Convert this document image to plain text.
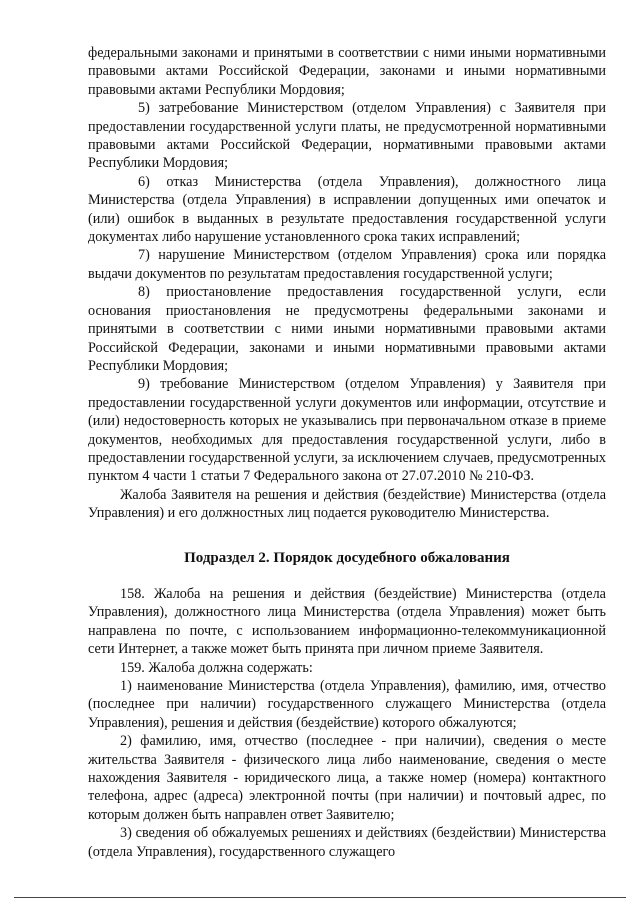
федеральными законами и принятыми в соответствии с ними иными нормативными правовыми актами Российской Федерации, законами и иными нормативными правовыми актами Республики Мордовия;

5) затребование Министерством (отделом Управления) с Заявителя при предоставлении государственной услуги платы, не предусмотренной нормативными правовыми актами Российской Федерации, нормативными правовыми актами Республики Мордовия;

6) отказ Министерства (отдела Управления), должностного лица Министерства (отдела Управления) в исправлении допущенных ими опечаток и (или) ошибок в выданных в результате предоставления государственной услуги документах либо нарушение установленного срока таких исправлений;

7) нарушение Министерством (отделом Управления) срока или порядка выдачи документов по результатам предоставления государственной услуги;

8) приостановление предоставления государственной услуги, если основания приостановления не предусмотрены федеральными законами и принятыми в соответствии с ними иными нормативными правовыми актами Российской Федерации, законами и иными нормативными правовыми актами Республики Мордовия;

9) требование Министерством (отделом Управления) у Заявителя при предоставлении государственной услуги документов или информации, отсутствие и (или) недостоверность которых не указывались при первоначальном отказе в приеме документов, необходимых для предоставления государственной услуги, либо в предоставлении государственной услуги, за исключением случаев, предусмотренных пунктом 4 части 1 статьи 7 Федерального закона от 27.07.2010 № 210-ФЗ.

Жалоба Заявителя на решения и действия (бездействие) Министерства (отдела Управления) и его должностных лиц подается руководителю Министерства.

Подраздел 2. Порядок досудебного обжалования

158. Жалоба на решения и действия (бездействие) Министерства (отдела Управления), должностного лица Министерства (отдела Управления) может быть направлена по почте, с использованием информационно-телекоммуникационной сети Интернет, а также может быть принята при личном приеме Заявителя.

159. Жалоба должна содержать:

1) наименование Министерства (отдела Управления), фамилию, имя, отчество (последнее при наличии) государственного служащего Министерства (отдела Управления), решения и действия (бездействие) которого обжалуются;

2) фамилию, имя, отчество (последнее - при наличии), сведения о месте жительства Заявителя - физического лица либо наименование, сведения о месте нахождения Заявителя - юридического лица, а также номер (номера) контактного телефона, адрес (адреса) электронной почты (при наличии) и почтовый адрес, по которым должен быть направлен ответ Заявителю;

3) сведения об обжалуемых решениях и действиях (бездействии) Министерства (отдела Управления), государственного служащего
